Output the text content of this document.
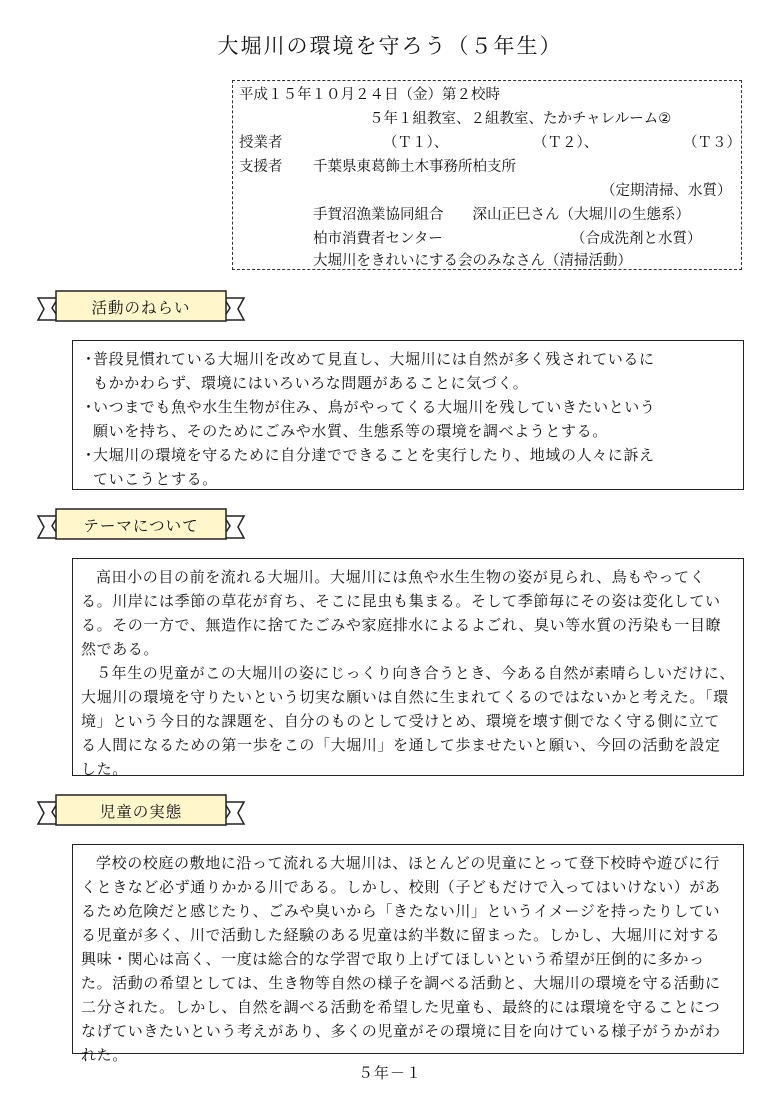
大堀川の環境を守ろう（５年生）
平成１５年１０月２４日（金）第２校時
５年１組教室、２組教室、たかチャレルーム②
授業者	（Ｔ１）、	（Ｔ２）、	（Ｔ３）
支援者 千葉県東葛飾土木事務所柏支所
（定期清掃、水質）
手賀沼漁業協同組合　　深山正巳さん（大堀川の生態系）
柏市消費者センター	（合成洗剤と水質）
大堀川をきれいにする会のみなさん（清掃活動）
活動のねらい

・普段見慣れている大堀川を改めて見直し、大堀川には自然が多く残されているに
もかかわらず、環境にはいろいろな問題があることに気づく。

・いつまでも魚や水生生物が住み、鳥がやってくる大堀川を残していきたいという
願いを持ち、そのためにごみや水質、生態系等の環境を調べようとする。

・大堀川の環境を守るために自分達でできることを実行したり、地域の人々に訴え
ていこうとする。

テーマについて

高田小の目の前を流れる大堀川。大堀川には魚や水生生物の姿が見られ、鳥もやってくる。川岸には季節の草花が育ち、そこに昆虫も集まる。そして季節毎にその姿は変化している。その一方で、無造作に捨てたごみや家庭排水によるよごれ、臭い等水質の汚染も一目瞭然である。

５年生の児童がこの大堀川の姿にじっくり向き合うとき、今ある自然が素晴らしいだけに、大堀川の環境を守りたいという切実な願いは自然に生まれてくるのではないかと考えた。「環境」という今日的な課題を、自分のものとして受けとめ、環境を壊す側でなく守る側に立てる人間になるための第一歩をこの「大堀川」を通して歩ませたいと願い、今回の活動を設定した。

児童の実態

学校の校庭の敷地に沿って流れる大堀川は、ほとんどの児童にとって登下校時や遊びに行くときなど必ず通りかかる川である。しかし、校則（子どもだけで入ってはいけない）があるため危険だと感じたり、ごみや臭いから「きたない川」というイメージを持ったりしている児童が多く、川で活動した経験のある児童は約半数に留まった。しかし、大堀川に対する興味・関心は高く、一度は総合的な学習で取り上げてほしいという希望が圧倒的に多かった。活動の希望としては、生き物等自然の様子を調べる活動と、大堀川の環境を守る活動に二分された。しかし、自然を調べる活動を希望した児童も、最終的には環境を守ることにつなげていきたいという考えがあり、多くの児童がその環境に目を向けている様子がうかがわれた。

５年－１
